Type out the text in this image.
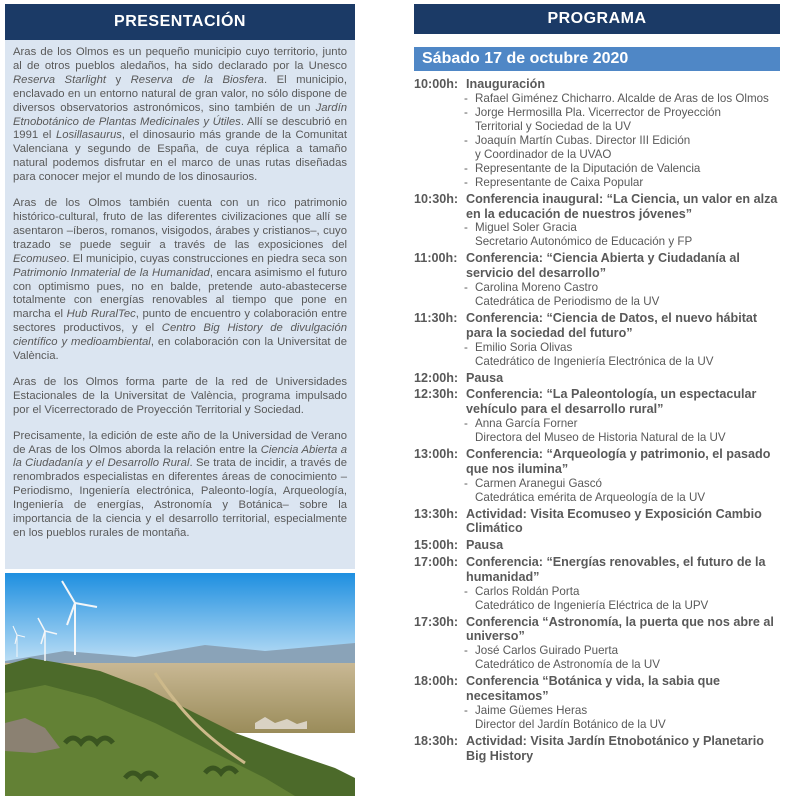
PRESENTACIÓN

Aras de los Olmos es un pequeño municipio cuyo territorio, junto al de otros pueblos aledaños, ha sido declarado por la Unesco Reserva Starlight y Reserva de la Biosfera. El municipio, enclavado en un entorno natural de gran valor, no sólo dispone de diversos observatorios astronómicos, sino también de un Jardín Etnobotánico de Plantas Medicinales y Útiles. Allí se descubrió en 1991 el Losillasaurus, el dinosaurio más grande de la Comunitat Valenciana y segundo de España, de cuya réplica a tamaño natural podemos disfrutar en el marco de unas rutas diseñadas para conocer mejor el mundo de los dinosaurios.

Aras de los Olmos también cuenta con un rico patrimonio histórico-cultural, fruto de las diferentes civilizaciones que allí se asentaron –íberos, romanos, visigodos, árabes y cristianos–, cuyo trazado se puede seguir a través de las exposiciones del Ecomuseo. El municipio, cuyas construcciones en piedra seca son Patrimonio Inmaterial de la Humanidad, encara asimismo el futuro con optimismo pues, no en balde, pretende auto-abastecerse totalmente con energías renovables al tiempo que pone en marcha el Hub RuralTec, punto de encuentro y colaboración entre sectores productivos, y el Centro Big History de divulgación científico y medioambiental, en colaboración con la Universitat de València.

Aras de los Olmos forma parte de la red de Universidades Estacionales de la Universitat de València, programa impulsado por el Vicerrectorado de Proyección Territorial y Sociedad.

Precisamente, la edición de este año de la Universidad de Verano de Aras de los Olmos aborda la relación entre la Ciencia Abierta a la Ciudadanía y el Desarrollo Rural. Se trata de incidir, a través de renombrados especialistas en diferentes áreas de conocimiento –Periodismo, Ingeniería electrónica, Paleonto-logía, Arqueología, Ingeniería de energías, Astronomía y Botánica– sobre la importancia de la ciencia y el desarrollo territorial, especialmente en los pueblos rurales de montaña.

PROGRAMA
Sábado 17 de octubre 2020
10:00h: Inauguración
- Rafael Giménez Chicharro. Alcalde de Aras de los Olmos
- Jorge Hermosilla Pla. Vicerrector de Proyección
Territorial y Sociedad de la UV
- Joaquín Martín Cubas. Director III Edición
y Coordinador de la UVAO
- Representante de la Diputación de Valencia
- Representante de Caixa Popular
10:30h: Conferencia inaugural: “La Ciencia, un valor en alza en la educación de nuestros jóvenes”
- Miguel Soler Gracia
Secretario Autonómico de Educación y FP
11:00h: Conferencia: “Ciencia Abierta y Ciudadanía al servicio del desarrollo”
- Carolina Moreno Castro
Catedrática de Periodismo de la UV
11:30h: Conferencia: “Ciencia de Datos, el nuevo hábitat para la sociedad del futuro”
- Emilio Soria Olivas
Catedrático de Ingeniería Electrónica de la UV
12:00h: Pausa
12:30h: Conferencia: “La Paleontología, un espectacular vehículo para el desarrollo rural”
- Anna García Forner
Directora del Museo de Historia Natural de la UV
13:00h: Conferencia: “Arqueología y patrimonio, el pasado que nos ilumina”
- Carmen Aranegui Gascó
Catedrática emérita de Arqueología de la UV
13:30h: Actividad: Visita Ecomuseo y Exposición Cambio Climático
15:00h: Pausa
17:00h: Conferencia: “Energías renovables, el futuro de la humanidad”
- Carlos Roldán Porta
Catedrático de Ingeniería Eléctrica de la UPV
17:30h: Conferencia “Astronomía, la puerta que nos abre al universo”
- José Carlos Guirado Puerta
Catedrático de Astronomía de la UV
18:00h: Conferencia “Botánica y vida, la sabia que necesitamos”
- Jaime Güemes Heras
Director del Jardín Botánico de la UV
18:30h: Actividad: Visita Jardín Etnobotánico y Planetario Big History
